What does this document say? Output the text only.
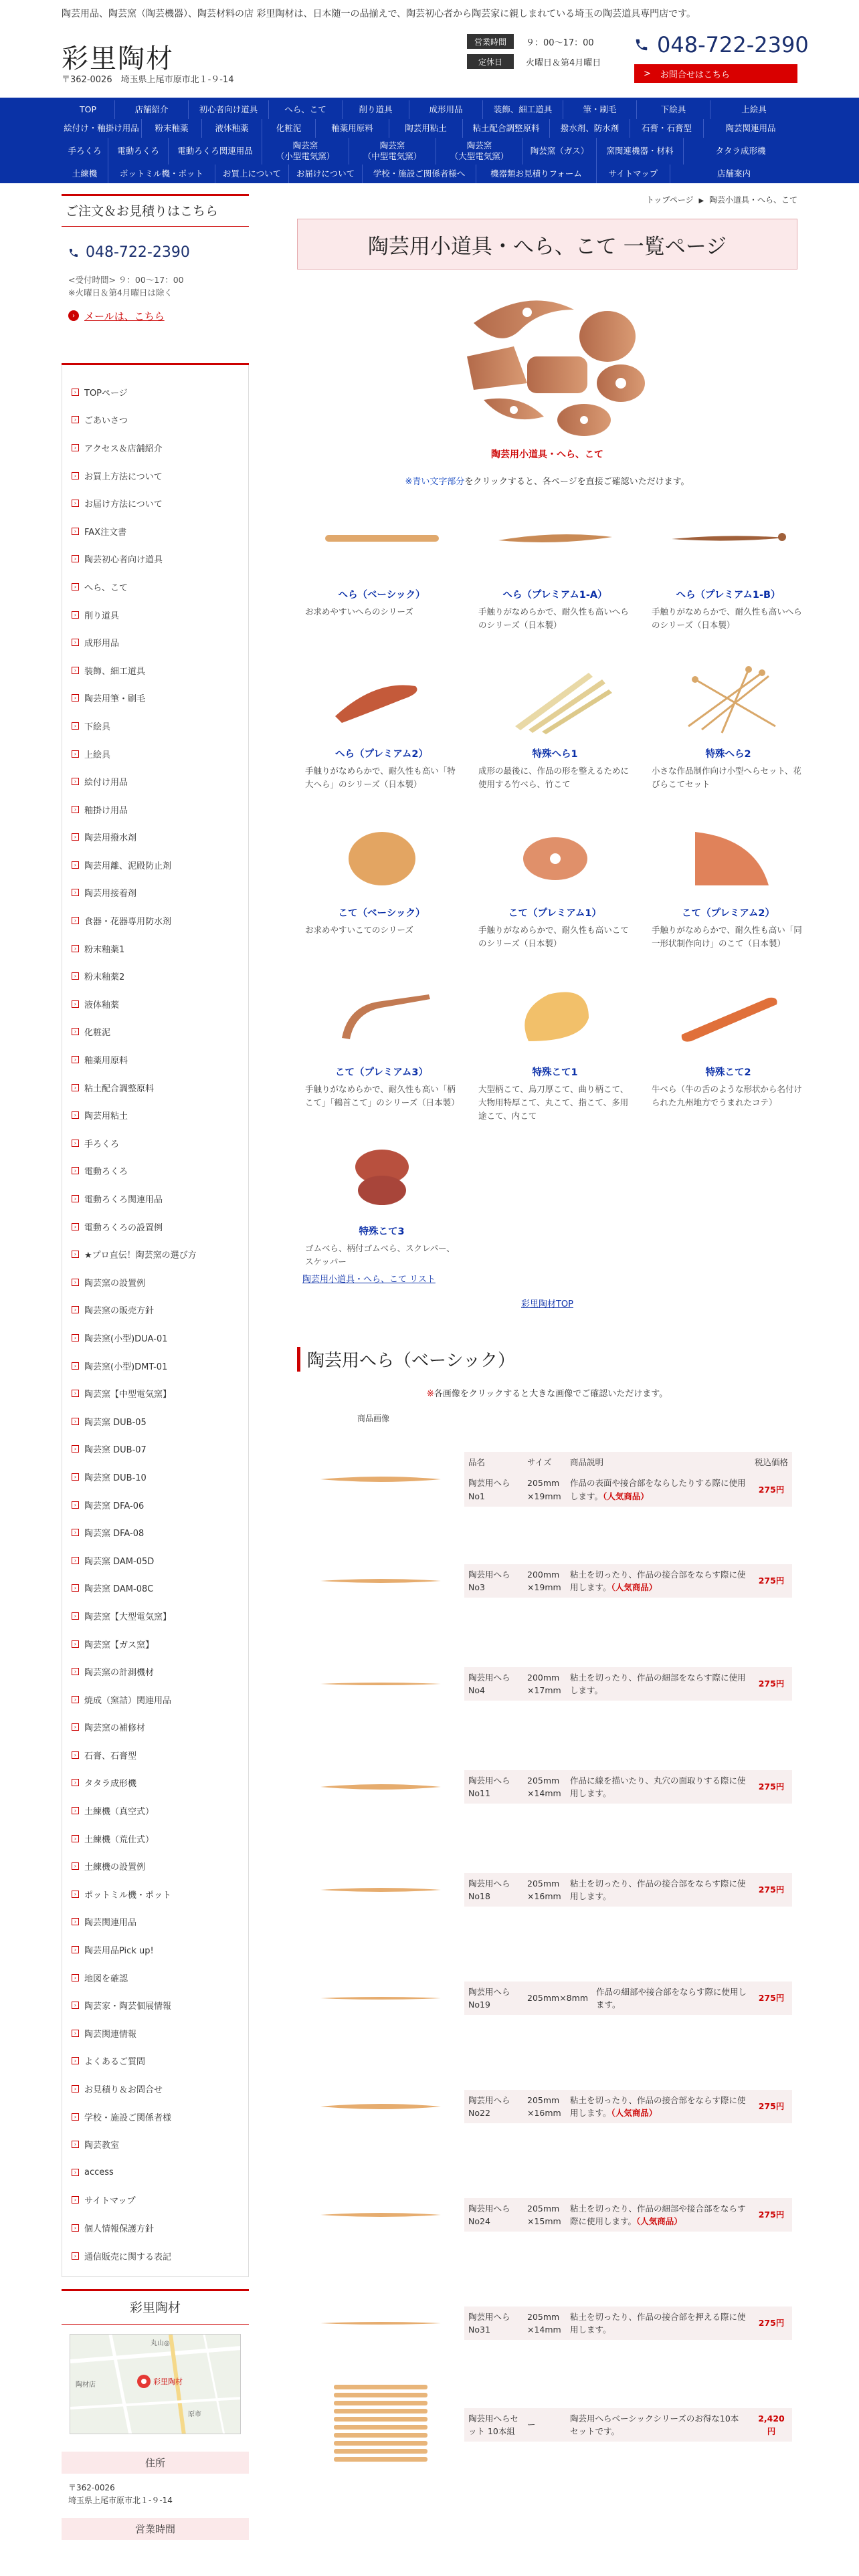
陶芸用品、陶芸窯（陶芸機器）、陶芸材料の店 彩里陶材は、日本随一の品揃えで、陶芸初心者から陶芸家に親しまれている埼玉の陶芸道具専門店です。
彩里陶材
〒362-0026　埼玉県上尾市原市北１-９-14
営業時間	９：00〜17：00
定休日	火曜日＆第4月曜日
048-722-2390
> お問合せはこちら
TOP	店舗紹介	初心者向け道具	へら、こて	削り道具	成形用品	装飾、細工道具	筆・刷毛	下絵具	上絵具
絵付け・釉掛け用品	粉末釉薬	液体釉薬	化粧泥	釉薬用原料	陶芸用粘土	粘土配合調整原料	撥水剤、防水剤	石膏・石膏型	陶芸関連用品
手ろくろ	電動ろくろ	電動ろくろ関連用品
陶芸窯
（小型電気窯）
陶芸窯
（中型電気窯）
陶芸窯
（大型電気窯）
陶芸窯（ガス）	窯関連機器・材料	タタラ成形機
土練機	ポットミル機・ポット	お買上について	お届けについて	学校・施設ご関係者様へ	機器類お見積りフォーム	サイトマップ	店舗案内
ご注文＆お見積りはこちら
048-722-2390
<受付時間> ９：00〜17：00
※火曜日＆第4月曜日は除く
› メールは、こちら
› TOPページ
› ごあいさつ
› アクセス＆店舗紹介
› お買上方法について
› お届け方法について
› FAX注文書
› 陶芸初心者向け道具
› へら、こて
› 削り道具
› 成形用品
› 装飾、細工道具
› 陶芸用筆・刷毛
› 下絵具
› 上絵具
› 絵付け用品
› 釉掛け用品
› 陶芸用撥水剤
› 陶芸用離、泥殿防止剤
› 陶芸用接着剤
› 食器・花器専用防水剤
› 粉末釉薬1
› 粉末釉薬2
› 液体釉薬
› 化粧泥
› 釉薬用原料
› 粘土配合調整原料
› 陶芸用粘土
› 手ろくろ
› 電動ろくろ
› 電動ろくろ関連用品
› 電動ろくろの設置例
› ★プロ直伝！陶芸窯の選び方
› 陶芸窯の設置例
› 陶芸窯の販売方針
› 陶芸窯(小型)DUA-01
› 陶芸窯(小型)DMT-01
› 陶芸窯【中型電気窯】
› 陶芸窯 DUB-05
› 陶芸窯 DUB-07
› 陶芸窯 DUB-10
› 陶芸窯 DFA-06
› 陶芸窯 DFA-08
› 陶芸窯 DAM-05D
› 陶芸窯 DAM-08C
› 陶芸窯【大型電気窯】
› 陶芸窯【ガス窯】
› 陶芸窯の計測機材
› 焼成（窯詰）関連用品
› 陶芸窯の補修材
› 石膏、石膏型
› タタラ成形機
› 土練機（真空式）
› 土練機（荒仕式）
› 土練機の設置例
› ポットミル機・ポット
› 陶芸関連用品
› 陶芸用品Pick up!
› 地図を確認
› 陶芸家・陶芸個展情報
› 陶芸関連情報
› よくあるご質問
› お見積り＆お問合せ
› 学校・施設ご関係者様
› 陶芸教室
› access
› サイトマップ
› 個人情報保護方針
› 通信販売に関する表記
彩里陶材
丸山◎
彩里陶材
原市
陶材店
住所
〒362-0026
埼玉県上尾市原市北１-９-14
営業時間
トップページ ▶ 陶芸小道具・へら、こて
陶芸用小道具・へら、こて 一覧ページ
陶芸用小道具・へら、こて
※青い文字部分をクリックすると、各ページを直接ご確認いただけます。
へら（ベーシック）
お求めやすいへらのシリーズ
へら（プレミアム1-A）
手触りがなめらかで、耐久性も高いへらのシリーズ（日本製）
へら（プレミアム1-B）
手触りがなめらかで、耐久性も高いへらのシリーズ（日本製）
へら（プレミアム2）
手触りがなめらかで、耐久性も高い「特大へら」のシリーズ（日本製）
特殊へら1
成形の最後に、作品の形を整えるために使用する竹べら、竹こて
特殊へら2
小さな作品制作向け小型へらセット、花びらこてセット
こて（ベーシック）
お求めやすいこてのシリーズ
こて（プレミアム1）
手触りがなめらかで、耐久性も高いこてのシリーズ（日本製）
こて（プレミアム2）
手触りがなめらかで、耐久性も高い「同一形状制作向け」のこて（日本製）
こて（プレミアム3）
手触りがなめらかで、耐久性も高い「柄こて」「鶴首こて」のシリーズ（日本製）
特殊こて1
大型柄こて、鳥刀厚こて、曲り柄こて、大物用特厚こて、丸こて、指こて、多用途こて、内こて
特殊こて2
牛べら（牛の舌のような形状から名付けられた九州地方でうまれたコテ）
特殊こて3
ゴムべら、柄付ゴムべら、スクレパー、スケッパー
陶芸用小道具・へら、こて リスト
彩里陶材TOP
陶芸用へら（ベーシック）
※各画像をクリックすると大きな画像でご確認いただけます。
商品画像
品名	サイズ	商品説明	税込価格
陶芸用へら No1	205mm ×19mm	作品の表面や接合部をならしたりする際に使用します。（人気商品）	275円
陶芸用へら No3	200mm ×19mm	粘土を切ったり、作品の接合部をならす際に使用します。（人気商品）	275円
陶芸用へら No4	200mm ×17mm	粘土を切ったり、作品の細部をならす際に使用します。	275円
陶芸用へら No11	205mm ×14mm	作品に線を描いたり、丸穴の面取りする際に使用します。	275円
陶芸用へら No18	205mm ×16mm	粘土を切ったり、作品の接合部をならす際に使用します。	275円
陶芸用へら No19	205mm×8mm	作品の細部や接合部をならす際に使用します。	275円
陶芸用へら No22	205mm ×16mm	粘土を切ったり、作品の接合部をならす際に使用します。（人気商品）	275円
陶芸用へら No24	205mm ×15mm	粘土を切ったり、作品の細部や接合部をならす際に使用します。（人気商品）	275円
陶芸用へら No31	205mm ×14mm	粘土を切ったり、作品の接合部を押える際に使用します。	275円
陶芸用へらセット 10本組	ー	陶芸用へらベーシックシリーズのお得な10本セットです。	2,420円
